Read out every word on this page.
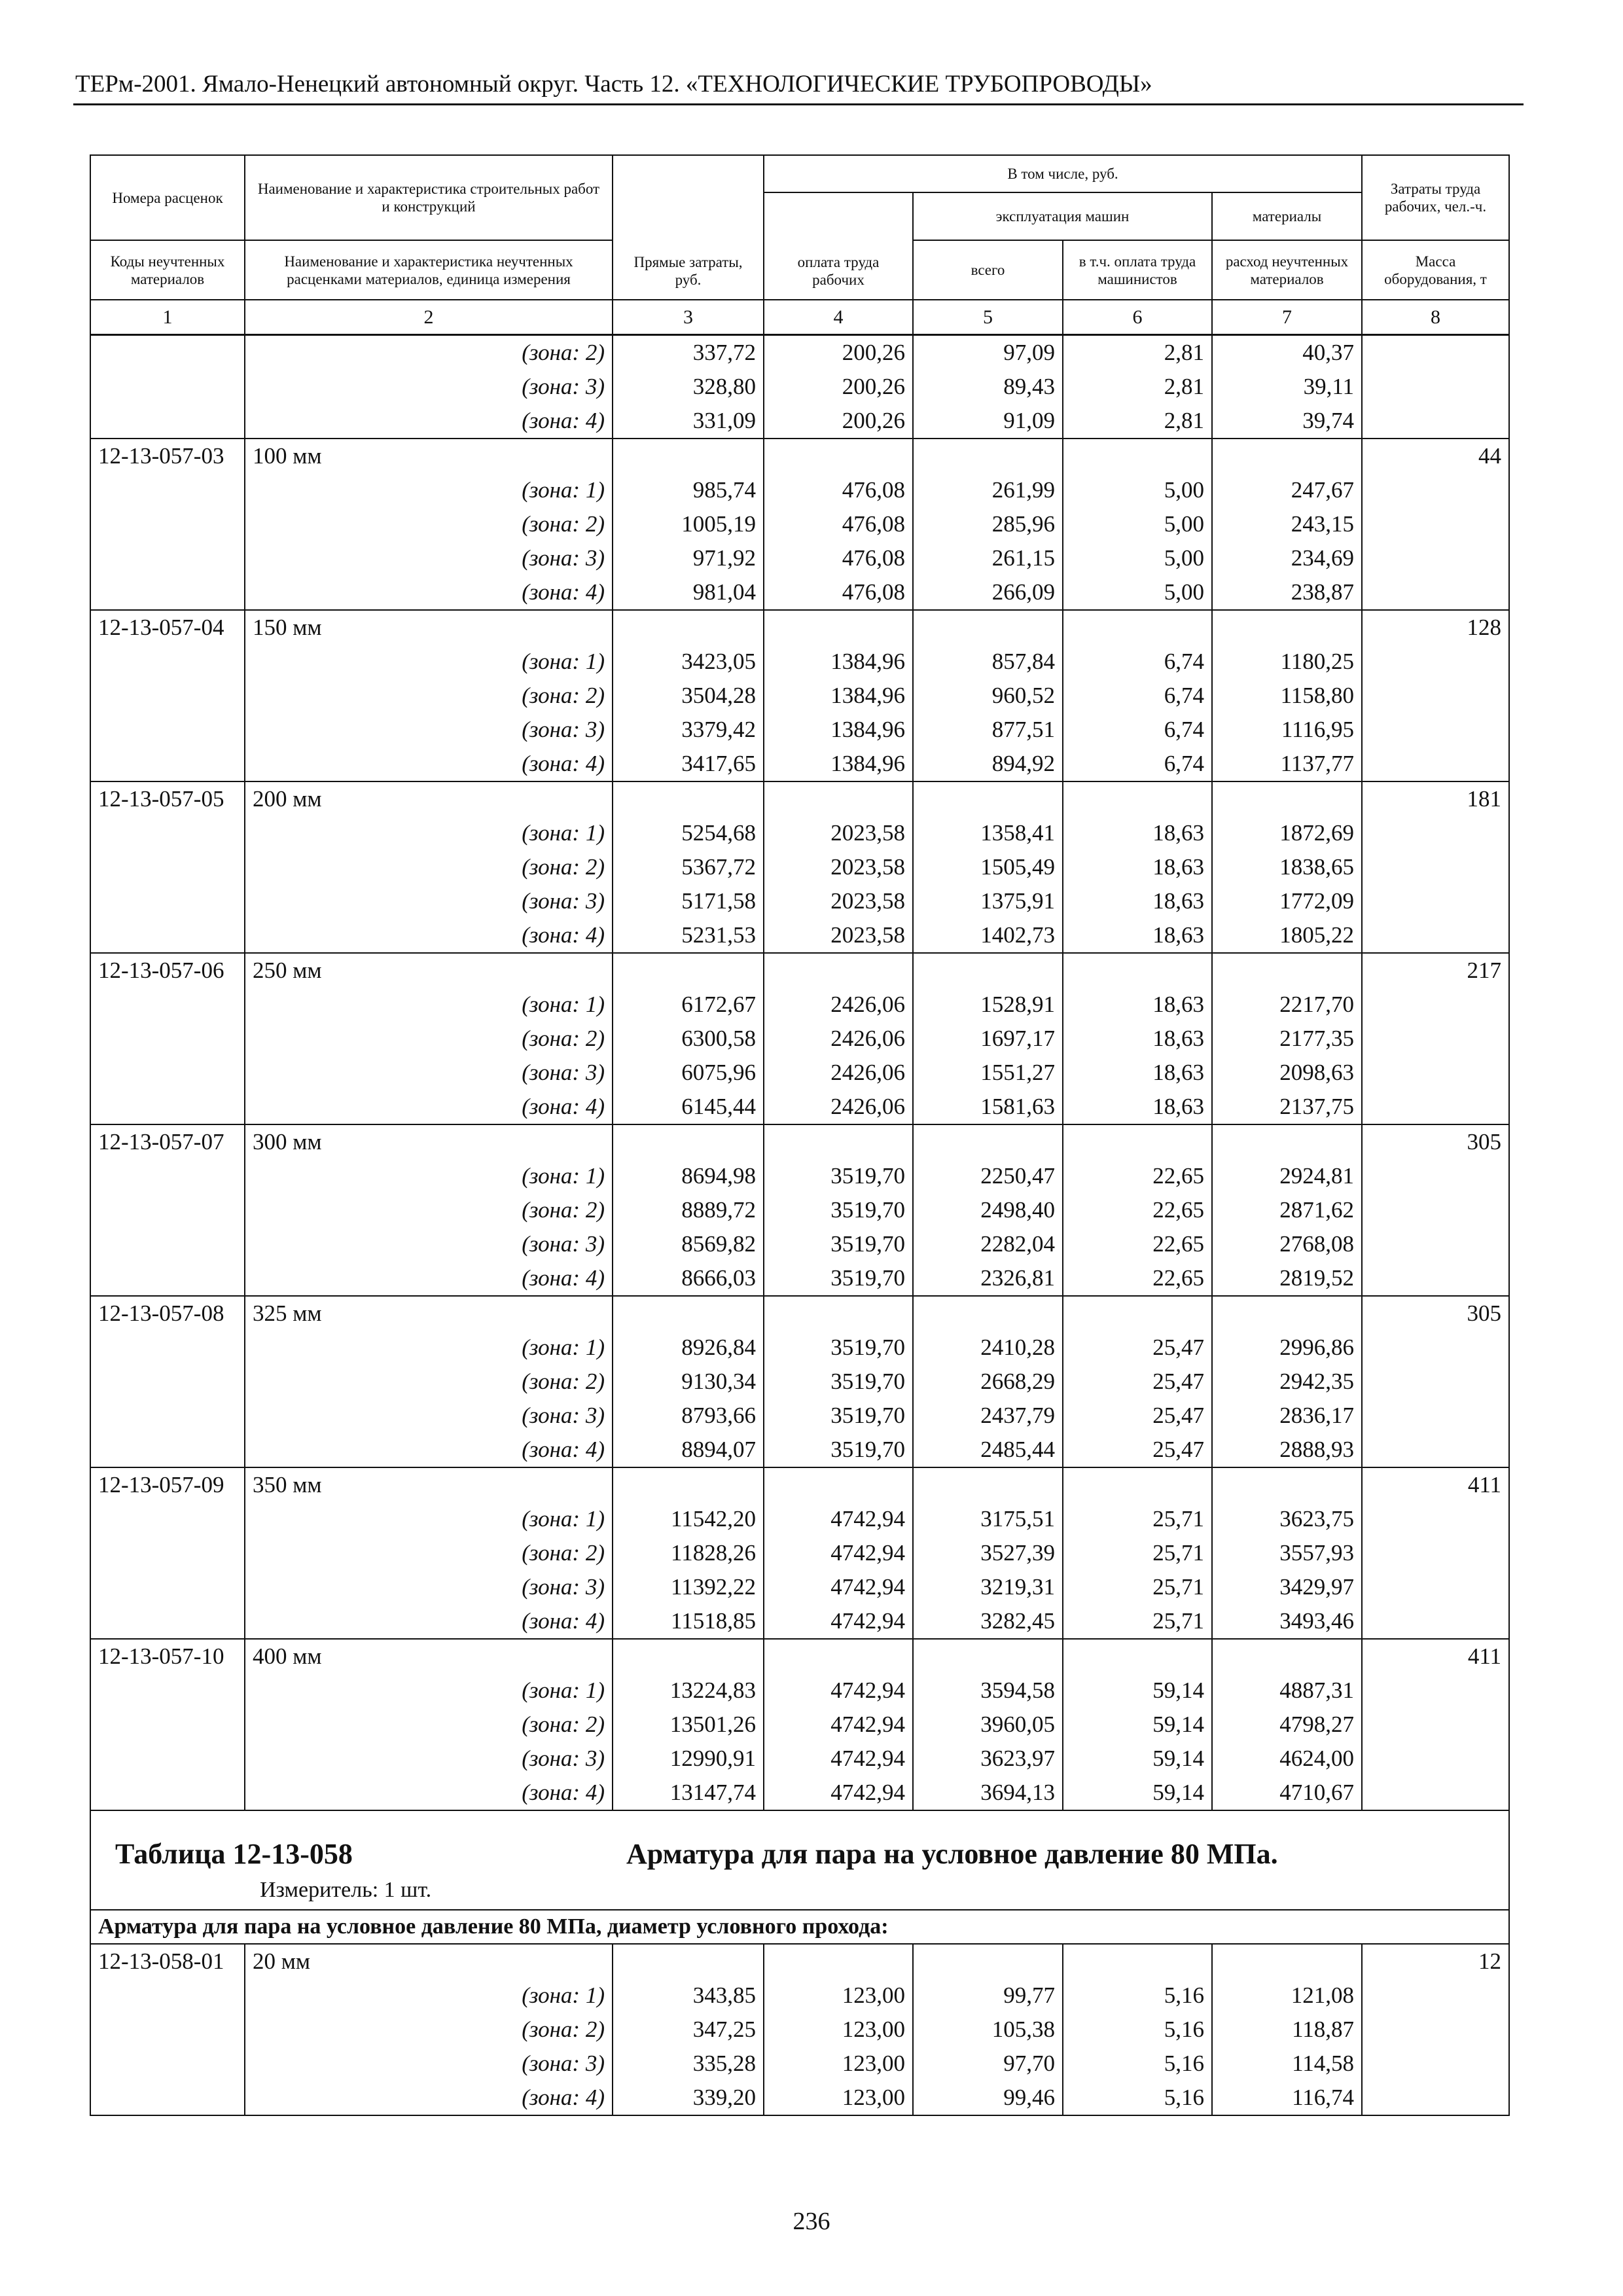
ТЕРм-2001. Ямало-Ненецкий автономный округ. Часть 12. «ТЕХНОЛОГИЧЕСКИЕ ТРУБОПРОВОДЫ»
Номера расценок	Наименование и характеристика строительных работ и конструкций	Прямые затраты, руб.	В том числе, руб.				Затраты труда рабочих, чел.-ч.
			оплата труда рабочих	эксплуатация машин		материалы	
Коды неучтенных материалов	Наименование и характеристика неучтенных расценками материалов, единица измерения			всего	в т.ч. оплата труда машинистов	расход неучтенных материалов	Масса оборудования, т

1	2	3	4	5	6	7	8
	(зона: 2)	337,72	200,26	97,09	2,81	40,37	
	(зона: 3)	328,80	200,26	89,43	2,81	39,11	
	(зона: 4)	331,09	200,26	91,09	2,81	39,74	
12-13-057-03	100 мм						44
	(зона: 1)	985,74	476,08	261,99	5,00	247,67	
	(зона: 2)	1005,19	476,08	285,96	5,00	243,15	
	(зона: 3)	971,92	476,08	261,15	5,00	234,69	
	(зона: 4)	981,04	476,08	266,09	5,00	238,87	
12-13-057-04	150 мм						128
	(зона: 1)	3423,05	1384,96	857,84	6,74	1180,25	
	(зона: 2)	3504,28	1384,96	960,52	6,74	1158,80	
	(зона: 3)	3379,42	1384,96	877,51	6,74	1116,95	
	(зона: 4)	3417,65	1384,96	894,92	6,74	1137,77	
12-13-057-05	200 мм						181
	(зона: 1)	5254,68	2023,58	1358,41	18,63	1872,69	
	(зона: 2)	5367,72	2023,58	1505,49	18,63	1838,65	
	(зона: 3)	5171,58	2023,58	1375,91	18,63	1772,09	
	(зона: 4)	5231,53	2023,58	1402,73	18,63	1805,22	
12-13-057-06	250 мм						217
	(зона: 1)	6172,67	2426,06	1528,91	18,63	2217,70	
	(зона: 2)	6300,58	2426,06	1697,17	18,63	2177,35	
	(зона: 3)	6075,96	2426,06	1551,27	18,63	2098,63	
	(зона: 4)	6145,44	2426,06	1581,63	18,63	2137,75	
12-13-057-07	300 мм						305
	(зона: 1)	8694,98	3519,70	2250,47	22,65	2924,81	
	(зона: 2)	8889,72	3519,70	2498,40	22,65	2871,62	
	(зона: 3)	8569,82	3519,70	2282,04	22,65	2768,08	
	(зона: 4)	8666,03	3519,70	2326,81	22,65	2819,52	
12-13-057-08	325 мм						305
	(зона: 1)	8926,84	3519,70	2410,28	25,47	2996,86	
	(зона: 2)	9130,34	3519,70	2668,29	25,47	2942,35	
	(зона: 3)	8793,66	3519,70	2437,79	25,47	2836,17	
	(зона: 4)	8894,07	3519,70	2485,44	25,47	2888,93	
12-13-057-09	350 мм						411
	(зона: 1)	11542,20	4742,94	3175,51	25,71	3623,75	
	(зона: 2)	11828,26	4742,94	3527,39	25,71	3557,93	
	(зона: 3)	11392,22	4742,94	3219,31	25,71	3429,97	
	(зона: 4)	11518,85	4742,94	3282,45	25,71	3493,46	
12-13-057-10	400 мм						411
	(зона: 1)	13224,83	4742,94	3594,58	59,14	4887,31	
	(зона: 2)	13501,26	4742,94	3960,05	59,14	4798,27	
	(зона: 3)	12990,91	4742,94	3623,97	59,14	4624,00	
	(зона: 4)	13147,74	4742,94	3694,13	59,14	4710,67	

Таблица 12-13-058 Арматура для пара на условное давление 80 МПа.
Измеритель: 1 шт.							

Арматура для пара на условное давление 80 МПа, диаметр условного прохода:							
12-13-058-01	20 мм						12
	(зона: 1)	343,85	123,00	99,77	5,16	121,08	
	(зона: 2)	347,25	123,00	105,38	5,16	118,87	
	(зона: 3)	335,28	123,00	97,70	5,16	114,58	
	(зона: 4)	339,20	123,00	99,46	5,16	116,74	
236
